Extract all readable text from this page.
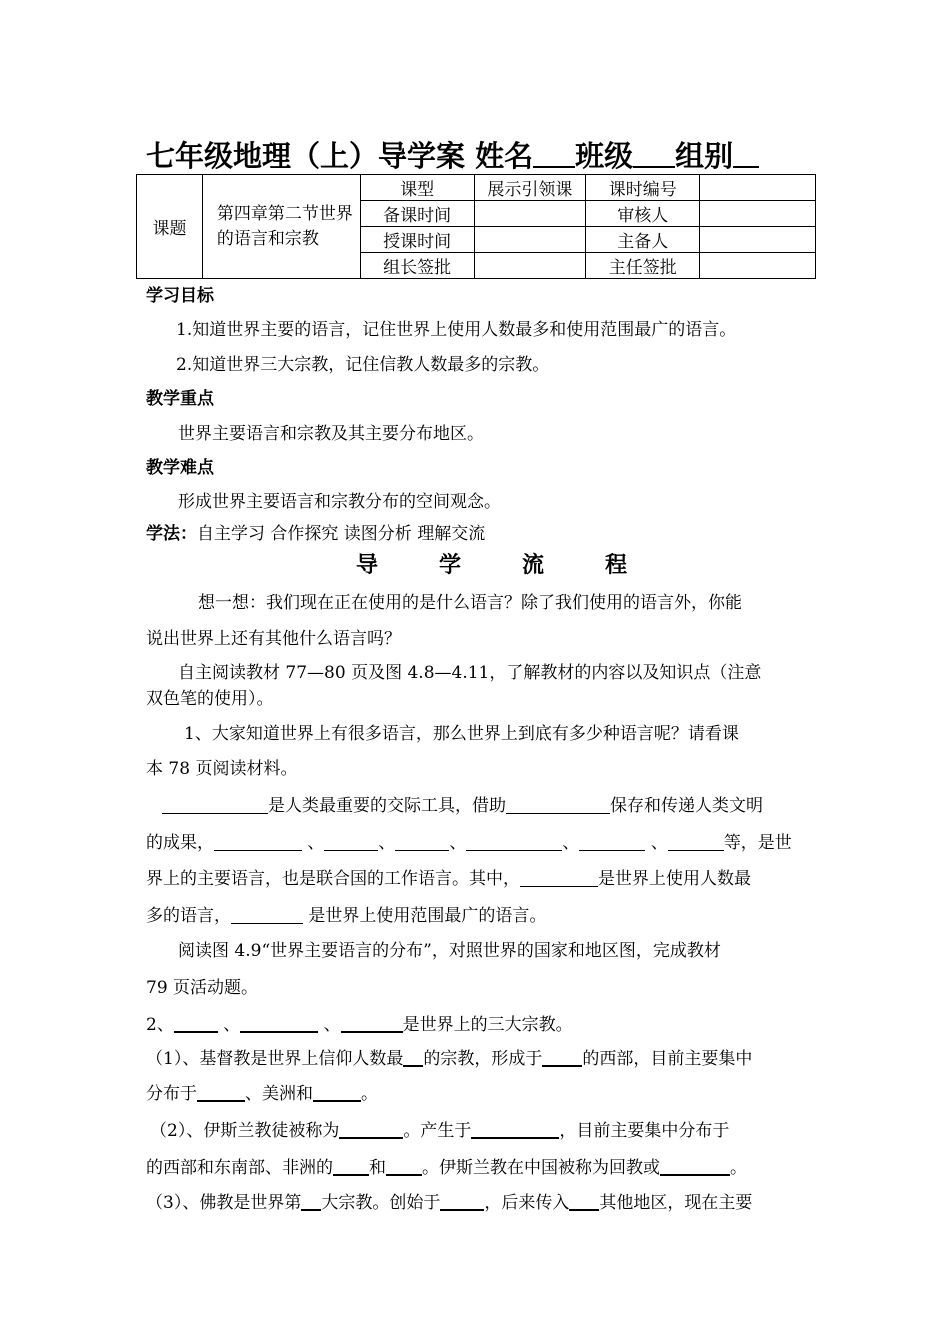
七年级地理（上）导学案 姓名 班级 组别
课题	第四章第二节世界的语言和宗教	课型	展示引领课	课时编号	
		备课时间		审核人	
		授课时间		主备人	
		组长签批		主任签批	
学习目标
1.知道世界主要的语言，记住世界上使用人数最多和使用范围最广的语言。
2.知道世界三大宗教，记住信教人数最多的宗教。
教学重点
世界主要语言和宗教及其主要分布地区。
教学难点
形成世界主要语言和宗教分布的空间观念。
学法：自主学习 合作探究 读图分析 理解交流
导	学	流	程
想一想：我们现在正在使用的是什么语言？除了我们使用的语言外，你能
说出世界上还有其他什么语言吗？
自主阅读教材 77—80 页及图 4.8—4.11，了解教材的内容以及知识点（注意
双色笔的使用）。
1、大家知道世界上有很多语言，那么世界上到底有多少种语言呢？请看课
本 78 页阅读材料。
是人类最重要的交际工具，借助	保存和传递人类文明
的成果，	、	、	、	、	、	等，是世
界上的主要语言，也是联合国的工作语言。其中，	是世界上使用人数最
多的语言，	是世界上使用范围最广的语言。
阅读图 4.9“世界主要语言的分布”，对照世界的国家和地区图，完成教材
79 页活动题。
2、	、	、	是世界上的三大宗教。
（1）、基督教是世界上信仰人数最 的宗教，形成于 的西部，目前主要集中
分布于	、美洲和	。
（2）、伊斯兰教徒被称为	。产生于	，目前主要集中分布于
的西部和东南部、非洲的 和 。伊斯兰教在中国被称为回教或	。
（3）、佛教是世界第 大宗教。创始于	，后来传入 其他地区，现在主要
